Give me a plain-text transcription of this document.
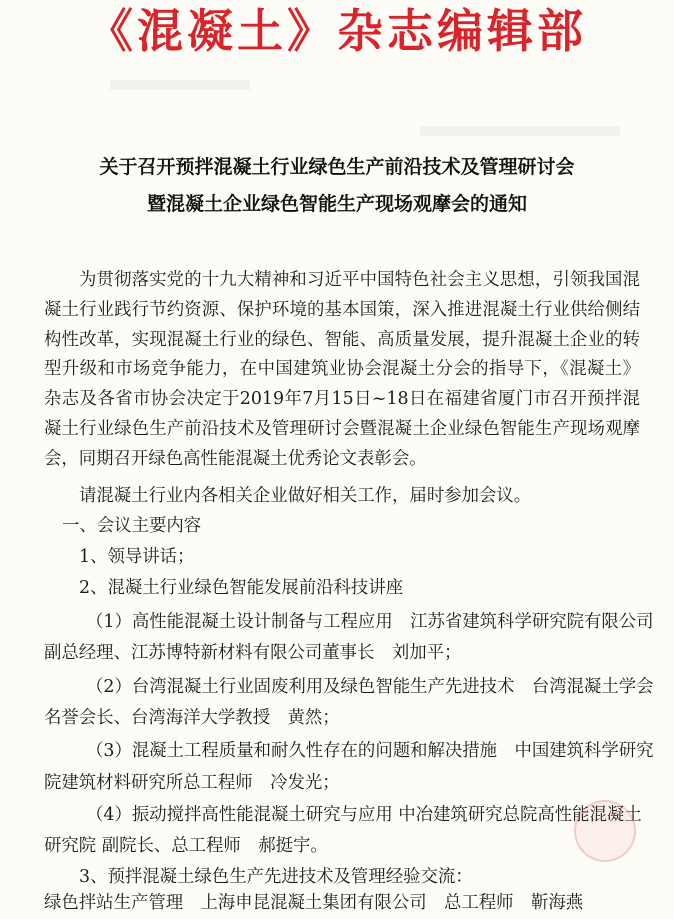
《混凝土》杂志编辑部
关于召开预拌混凝土行业绿色生产前沿技术及管理研讨会
暨混凝土企业绿色智能生产现场观摩会的通知
为贯彻落实党的十九大精神和习近平中国特色社会主义思想，引领我国混凝土行业践行节约资源、保护环境的基本国策，深入推进混凝土行业供给侧结构性改革，实现混凝土行业的绿色、智能、高质量发展，提升混凝土企业的转型升级和市场竞争能力，在中国建筑业协会混凝土分会的指导下，《混凝土》杂志及各省市协会决定于2019年7月15日~18日在福建省厦门市召开预拌混凝土行业绿色生产前沿技术及管理研讨会暨混凝土企业绿色智能生产现场观摩会，同期召开绿色高性能混凝土优秀论文表彰会。
请混凝土行业内各相关企业做好相关工作，届时参加会议。
一、会议主要内容
1、领导讲话；
2、混凝土行业绿色智能发展前沿科技讲座
（1）高性能混凝土设计制备与工程应用　江苏省建筑科学研究院有限公司
副总经理、江苏博特新材料有限公司董事长　刘加平；
（2）台湾混凝土行业固废利用及绿色智能生产先进技术　台湾混凝土学会
名誉会长、台湾海洋大学教授　黄然；
（3）混凝土工程质量和耐久性存在的问题和解决措施　中国建筑科学研究
院建筑材料研究所总工程师　冷发光；
（4）振动搅拌高性能混凝土研究与应用 中冶建筑研究总院高性能混凝土
研究院 副院长、总工程师　郝挺宇。
3、预拌混凝土绿色生产先进技术及管理经验交流：
绿色拌站生产管理　上海申昆混凝土集团有限公司　总工程师　靳海燕
